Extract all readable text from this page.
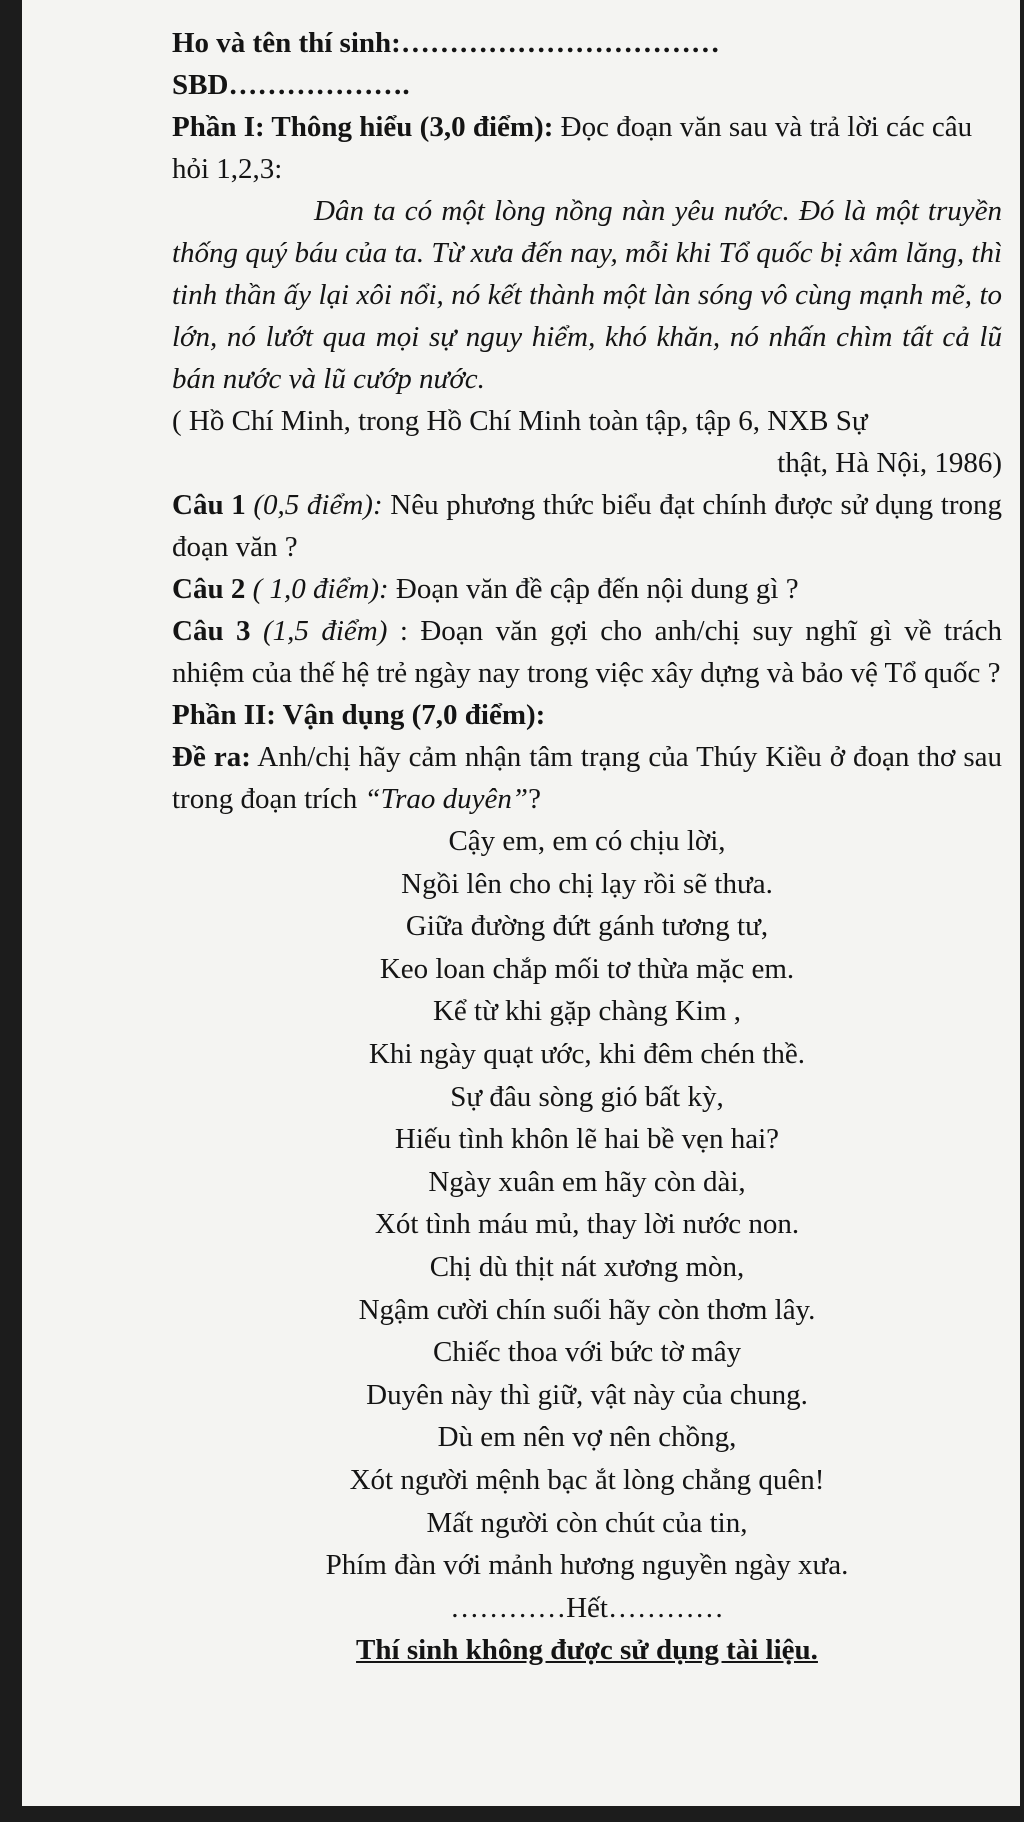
Ho và tên thí sinh:……………………………

SBD……………….

Phần I: Thông hiểu (3,0 điểm): Đọc đoạn văn sau và trả lời các câu hỏi 1,2,3:

Dân ta có một lòng nồng nàn yêu nước. Đó là một truyền thống quý báu của ta. Từ xưa đến nay, mỗi khi Tổ quốc bị xâm lăng, thì tinh thần ấy lại xôi nổi, nó kết thành một làn sóng vô cùng mạnh mẽ, to lớn, nó lướt qua mọi sự nguy hiểm, khó khăn, nó nhấn chìm tất cả lũ bán nước và lũ cướp nước.

( Hồ Chí Minh, trong Hồ Chí Minh toàn tập, tập 6, NXB Sự

thật, Hà Nội, 1986)

Câu 1 (0,5 điểm): Nêu phương thức biểu đạt chính được sử dụng trong đoạn văn ?

Câu 2 ( 1,0 điểm): Đoạn văn đề cập đến nội dung gì ?

Câu 3 (1,5 điểm) : Đoạn văn gợi cho anh/chị suy nghĩ gì về trách nhiệm của thế hệ trẻ ngày nay trong việc xây dựng và bảo vệ Tổ quốc ?

Phần II: Vận dụng (7,0 điểm):

Đề ra: Anh/chị hãy cảm nhận tâm trạng của Thúy Kiều ở đoạn thơ sau trong đoạn trích “Trao duyên”?

Cậy em, em có chịu lời,

Ngồi lên cho chị lạy rồi sẽ thưa.

Giữa đường đứt gánh tương tư,

Keo loan chắp mối tơ thừa mặc em.

Kể từ khi gặp chàng Kim ,

Khi ngày quạt ước, khi đêm chén thề.

Sự đâu sòng gió bất kỳ,

Hiếu tình khôn lẽ hai bề vẹn hai?

Ngày xuân em hãy còn dài,

Xót tình máu mủ, thay lời nước non.

Chị dù thịt nát xương mòn,

Ngậm cười chín suối hãy còn thơm lây.

Chiếc thoa với bức tờ mây

Duyên này thì giữ, vật này của chung.

Dù em nên vợ nên chồng,

Xót người mệnh bạc ắt lòng chẳng quên!

Mất người còn chút của tin,

Phím đàn với mảnh hương nguyền ngày xưa.

…………Hết…………

Thí sinh không được sử dụng tài liệu.
